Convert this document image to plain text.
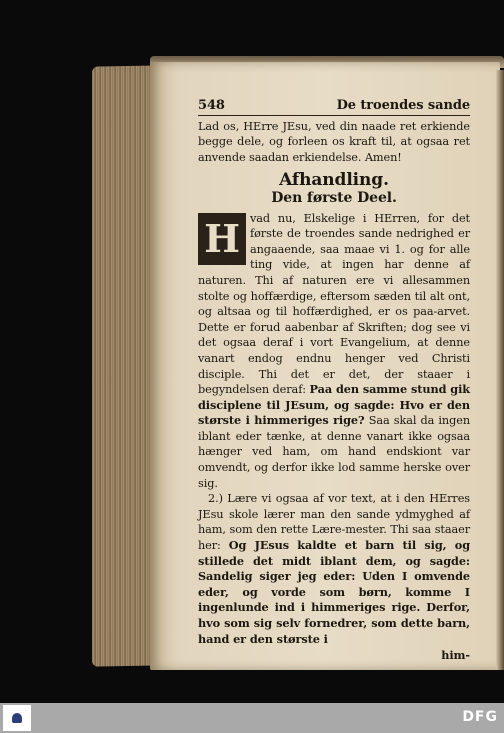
548	De troendes sande

Lad os, HErre JEsu, ved din naade ret erkiende begge dele, og forleen os kraft til, at ogsaa ret anvende saadan erkiendelse. Amen!

Afhandling.
Den første Deel.

H vad nu, Elskelige i HErren, for det første de troendes sande nedrighed er angaaende, saa maae vi 1. og for alle ting vide, at ingen har denne af naturen. Thi af naturen ere vi allesammen stolte og hoffærdige, eftersom sæden til alt ont, og altsaa og til hoffærdighed, er os paa-arvet. Dette er forud aabenbar af Skriften; dog see vi det ogsaa deraf i vort Evangelium, at denne vanart endog endnu henger ved Christi disciple. Thi det er det, der staaer i begyndelsen deraf: Paa den samme stund gik disciplene til JEsum, og sagde: Hvo er den største i himmeriges rige? Saa skal da ingen iblant eder tænke, at denne vanart ikke ogsaa hænger ved ham, om hand endskiont var omvendt, og derfor ikke lod samme herske over sig.

2.) Lære vi ogsaa af vor text, at i den HErres JEsu skole lærer man den sande ydmyghed af ham, som den rette Lære-mester. Thi saa staaer her: Og JEsus kaldte et barn til sig, og stillede det midt iblant dem, og sagde: Sandelig siger jeg eder: Uden I omvende eder, og vorde som børn, komme I ingenlunde ind i himmeriges rige. Derfor, hvo som sig selv fornedrer, som dette barn, hand er den største i

him-
DFG
